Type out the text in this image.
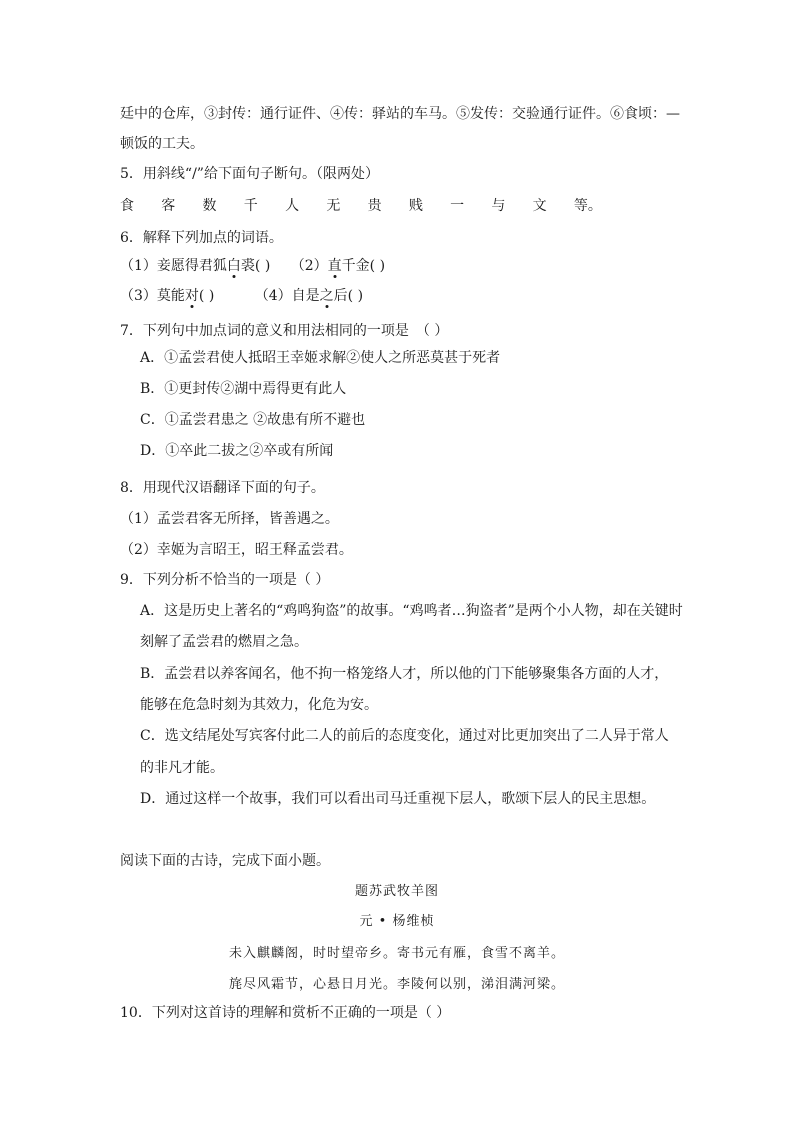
廷中的仓库，③封传：通行证件、④传：驿站的车马。⑤发传：交验通行证件。⑥食顷：—
顿饭的工夫。
5．用斜线“/”给下面句子断句。（限两处）
食 客 数 千 人 无 贵 贱 一 与 文 等。
6．解释下列加点的词语。
（1）妾愿得君狐白裘( ) （2）直千金( )
（3）莫能对( )	（4）自是之后( )
7．下列句中加点词的意义和用法相同的一项是　（ ）
A．①孟尝君使人抵昭王幸姬求解②使人之所恶莫甚于死者
B．①更封传②湖中焉得更有此人
C．①孟尝君患之 ②故患有所不避也
D．①卒此二拔之②卒或有所闻
8．用现代汉语翻译下面的句子。
（1）孟尝君客无所择，皆善遇之。
（2）幸姬为言昭王，昭王释孟尝君。
9．下列分析不恰当的一项是（ ）
A．这是历史上著名的“鸡鸣狗盗”的故事。“鸡鸣者…狗盗者”是两个小人物，却在关键时
刻解了孟尝君的燃眉之急。
B．孟尝君以养客闻名，他不拘一格笼络人才，所以他的门下能够聚集各方面的人才，
能够在危急时刻为其效力，化危为安。
C．选文结尾处写宾客付此二人的前后的态度变化，通过对比更加突出了二人异于常人
的非凡才能。
D．通过这样一个故事，我们可以看出司马迁重视下层人，歌颂下层人的民主思想。
阅读下面的古诗，完成下面小题。
题苏武牧羊图
元 • 杨维桢
未入麒麟阁，时时望帝乡。寄书元有雁，食雪不离羊。
旄尽风霜节，心悬日月光。李陵何以别，涕泪满河梁。
10．下列对这首诗的理解和赏析不正确的一项是（ ）
